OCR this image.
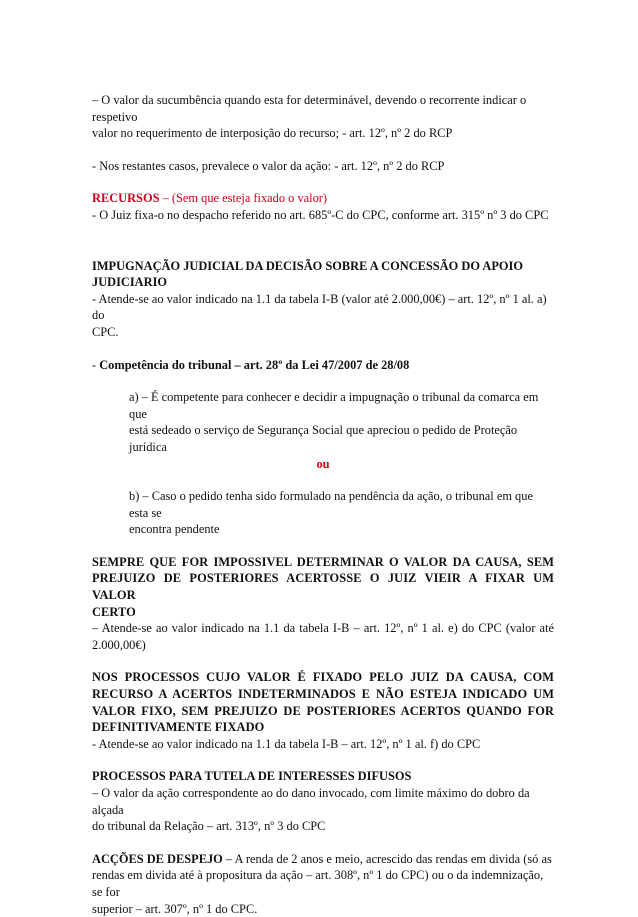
– O valor da sucumbência quando esta for determinável, devendo o recorrente indicar o respetivo

valor no requerimento de interposição do recurso; - art. 12º, nº 2 do RCP

- Nos restantes casos, prevalece o valor da ação: - art. 12º, nº 2 do RCP

RECURSOS – (Sem que esteja fixado o valor)

- O Juiz fixa-o no despacho referido no art. 685º-C do CPC, conforme art. 315º nº 3 do CPC

IMPUGNAÇÃO JUDICIAL DA DECISÃO SOBRE A CONCESSÃO DO APOIO

JUDICIARIO

- Atende-se ao valor indicado na 1.1 da tabela I-B (valor até 2.000,00€) – art. 12º, nº 1 al. a) do

CPC.

- Competência do tribunal – art. 28º da Lei 47/2007 de 28/08

a) – É competente para conhecer e decidir a impugnação o tribunal da comarca em que

está sedeado o serviço de Segurança Social que apreciou o pedido de Proteção jurídica

ou

b) – Caso o pedido tenha sido formulado na pendência da ação, o tribunal em que esta se

encontra pendente

SEMPRE QUE FOR IMPOSSIVEL DETERMINAR O VALOR DA CAUSA, SEM

PREJUIZO DE POSTERIORES ACERTOSSE O JUIZ VIEIR A FIXAR UM VALOR

CERTO

– Atende-se ao valor indicado na 1.1 da tabela I-B – art. 12º, nº 1 al. e) do CPC (valor até

2.000,00€)

NOS PROCESSOS CUJO VALOR É FIXADO PELO JUIZ DA CAUSA, COM

RECURSO A ACERTOS INDETERMINADOS E NÃO ESTEJA INDICADO UM

VALOR FIXO, SEM PREJUIZO DE POSTERIORES ACERTOS QUANDO FOR

DEFINITIVAMENTE FIXADO

- Atende-se ao valor indicado na 1.1 da tabela I-B – art. 12º, nº 1 al. f) do CPC

PROCESSOS PARA TUTELA DE INTERESSES DIFUSOS

– O valor da ação correspondente ao do dano invocado, com limite máximo do dobro da alçada

do tribunal da Relação – art. 313º, nº 3 do CPC

ACÇÕES DE DESPEJO – A renda de 2 anos e meio, acrescido das rendas em divida (só as

rendas em divida até à propositura da ação – art. 308º, nº 1 do CPC) ou o da indemnização, se for

superior – art. 307º, nº 1 do CPC.
